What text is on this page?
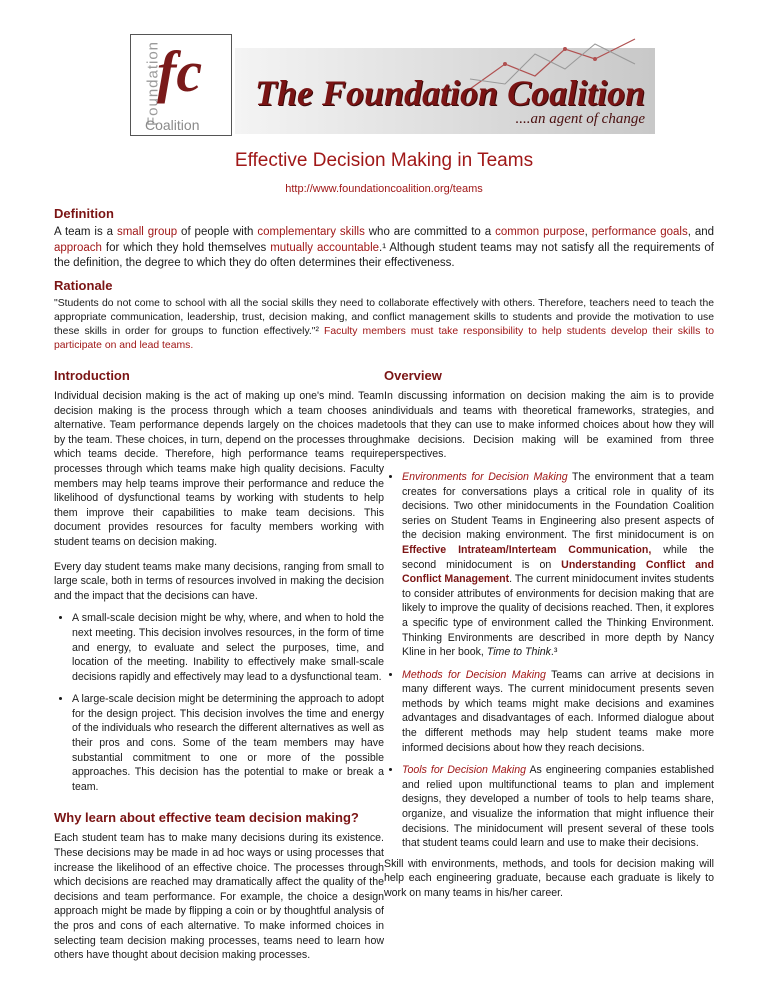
Foundation
fc
Coalition
The Foundation Coalition
....an agent of change
Effective Decision Making in Teams
http://www.foundationcoalition.org/teams
Definition

A team is a small group of people with complementary skills who are committed to a common purpose, performance goals, and approach for which they hold themselves mutually accountable.¹ Although student teams may not satisfy all the requirements of the definition, the degree to which they do often determines their effectiveness.

Rationale

"Students do not come to school with all the social skills they need to collaborate effectively with others. Therefore, teachers need to teach the appropriate communication, leadership, trust, decision making, and conflict management skills to students and provide the motivation to use these skills in order for groups to function effectively."² Faculty members must take responsibility to help students develop their skills to participate on and lead teams.

Introduction

Individual decision making is the act of making up one's mind. Team decision making is the process through which a team chooses an alternative. Team performance depends largely on the choices made by the team. These choices, in turn, depend on the processes through which teams decide. Therefore, high performance teams require processes through which teams make high quality decisions. Faculty members may help teams improve their performance and reduce the likelihood of dysfunctional teams by working with students to help them improve their capabilities to make team decisions. This document provides resources for faculty members working with student teams on decision making.

Every day student teams make many decisions, ranging from small to large scale, both in terms of resources involved in making the decision and the impact that the decisions can have.

• A small-scale decision might be why, where, and when to hold the next meeting. This decision involves resources, in the form of time and energy, to evaluate and select the purposes, time, and location of the meeting. Inability to effectively make small-scale decisions rapidly and effectively may lead to a dysfunctional team.
• A large-scale decision might be determining the approach to adopt for the design project. This decision involves the time and energy of the individuals who research the different alternatives as well as their pros and cons. Some of the team members may have substantial commitment to one or more of the possible approaches. This decision has the potential to make or break a team.
Why learn about effective team decision making?

Each student team has to make many decisions during its existence. These decisions may be made in ad hoc ways or using processes that increase the likelihood of an effective choice. The processes through which decisions are reached may dramatically affect the quality of the decisions and team performance. For example, the choice a design approach might be made by flipping a coin or by thoughtful analysis of the pros and cons of each alternative. To make informed choices in selecting team decision making processes, teams need to learn how others have thought about decision making processes.

Overview

In discussing information on decision making the aim is to provide individuals and teams with theoretical frameworks, strategies, and tools that they can use to make informed choices about how they will make decisions. Decision making will be examined from three perspectives.

• Environments for Decision Making The environment that a team creates for conversations plays a critical role in quality of its decisions. Two other minidocuments in the Foundation Coalition series on Student Teams in Engineering also present aspects of the decision making environment. The first minidocument is on Effective Intrateam/Interteam Communication, while the second minidocument is on Understanding Conflict and Conflict Management. The current minidocument invites students to consider attributes of environments for decision making that are likely to improve the quality of decisions reached. Then, it explores a specific type of environment called the Thinking Environment. Thinking Environments are described in more depth by Nancy Kline in her book, Time to Think.³
• Methods for Decision Making Teams can arrive at decisions in many different ways. The current minidocument presents seven methods by which teams might make decisions and examines advantages and disadvantages of each. Informed dialogue about the different methods may help student teams make more informed decisions about how they reach decisions.
• Tools for Decision Making As engineering companies established and relied upon multifunctional teams to plan and implement designs, they developed a number of tools to help teams share, organize, and visualize the information that might influence their decisions. The minidocument will present several of these tools that student teams could learn and use to make their decisions.

Skill with environments, methods, and tools for decision making will help each engineering graduate, because each graduate is likely to work on many teams in his/her career.
